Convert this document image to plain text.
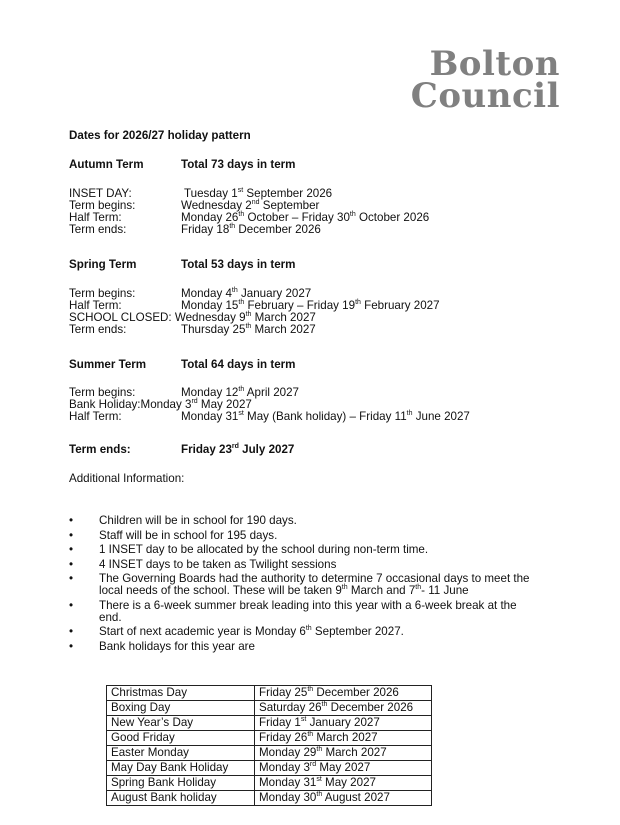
Bolton
Council
Dates for 2026/27 holiday pattern
Autumn Term	Total 73 days in term
INSET DAY:	Tuesday 1st September 2026
Term begins:	Wednesday 2nd September
Half Term:	Monday 26th October – Friday 30th October 2026
Term ends:	Friday 18th December 2026
Spring Term	Total 53 days in term
Term begins:	Monday 4th January 2027
Half Term:	Monday 15th February – Friday 19th February 2027
SCHOOL CLOSED: Wednesday 9th March 2027
Term ends:	Thursday 25th March 2027
Summer Term	Total 64 days in term
Term begins:	Monday 12th April 2027
Bank Holiday:Monday 3rd May 2027
Half Term:	Monday 31st May (Bank holiday) – Friday 11th June 2027
Term ends:	Friday 23rd July 2027
Additional Information:
• Children will be in school for 190 days.
• Staff will be in school for 195 days.
• 1 INSET day to be allocated by the school during non-term time.
• 4 INSET days to be taken as Twilight sessions
• The Governing Boards had the authority to determine 7 occasional days to meet the local needs of the school. These will be taken 9th March and 7th- 11 June
• There is a 6-week summer break leading into this year with a 6-week break at the end.
• Start of next academic year is Monday 6th September 2027.
• Bank holidays for this year are
Christmas Day	Friday 25th December 2026
Boxing Day	Saturday 26th December 2026
New Year’s Day	Friday 1st January 2027
Good Friday	Friday 26th March 2027
Easter Monday	Monday 29th March 2027
May Day Bank Holiday	Monday 3rd May 2027
Spring Bank Holiday	Monday 31st May 2027
August Bank holiday	Monday 30th August 2027
